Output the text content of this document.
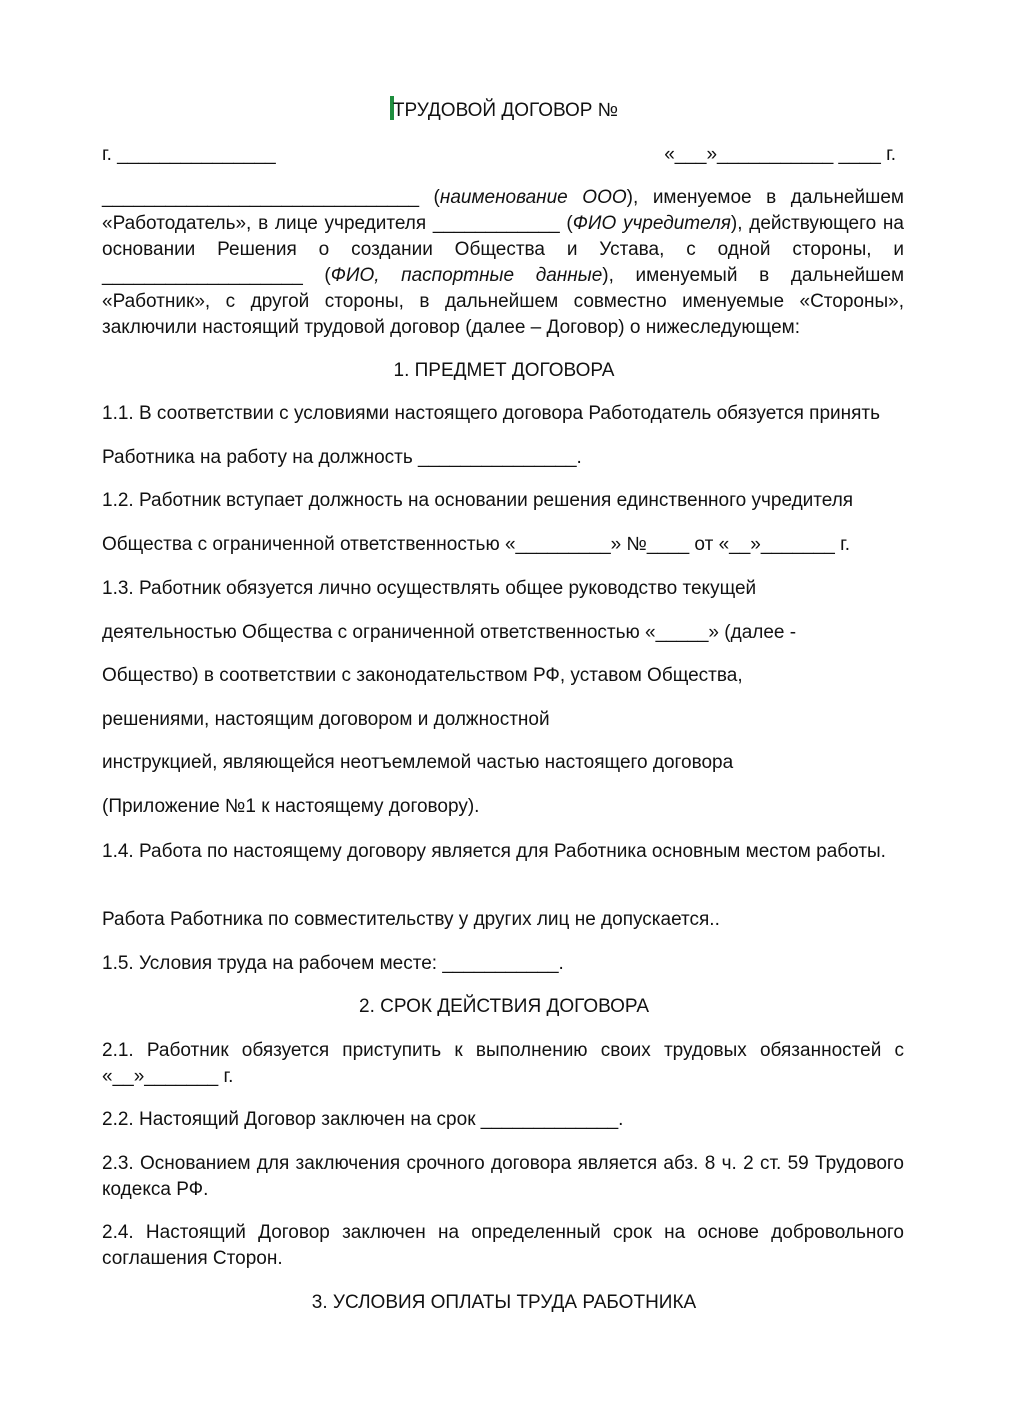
ТРУДОВОЙ ДОГОВОР №

г. _______________	«___»___________ ____ г.

______________________________ (наименование ООО), именуемое в дальнейшем «Работодатель», в лице учредителя ____________ (ФИО учредителя), действующего на основании Решения о создании Общества и Устава, с одной стороны, и ___________________ (ФИО, паспортные данные), именуемый в дальнейшем «Работник», с другой стороны, в дальнейшем совместно именуемые «Стороны», заключили настоящий трудовой договор (далее – Договор) о нижеследующем:

1. ПРЕДМЕТ ДОГОВОРА

1.1. В соответствии с условиями настоящего договора Работодатель обязуется принять

Работника на работу на должность _______________.

1.2. Работник вступает должность на основании решения единственного учредителя

Общества с ограниченной ответственностью «_________» №____ от «__»_______ г.

1.3. Работник обязуется лично осуществлять общее руководство текущей

деятельностью Общества с ограниченной ответственностью «_____» (далее -

Общество) в соответствии с законодательством РФ, уставом Общества,

решениями, настоящим договором и должностной

инструкцией, являющейся неотъемлемой частью настоящего договора

(Приложение №1 к настоящему договору).

1.4. Работа по настоящему договору является для Работника основным местом работы.

Работа Работника по совместительству у других лиц не допускается..

1.5. Условия труда на рабочем месте: ___________.

2. СРОК ДЕЙСТВИЯ ДОГОВОРА

2.1. Работник обязуется приступить к выполнению своих трудовых обязанностей с «__»_______ г.

2.2. Настоящий Договор заключен на срок _____________.

2.3. Основанием для заключения срочного договора является абз. 8 ч. 2 ст. 59 Трудового кодекса РФ.

2.4. Настоящий Договор заключен на определенный срок на основе добровольного соглашения Сторон.

3. УСЛОВИЯ ОПЛАТЫ ТРУДА РАБОТНИКА
